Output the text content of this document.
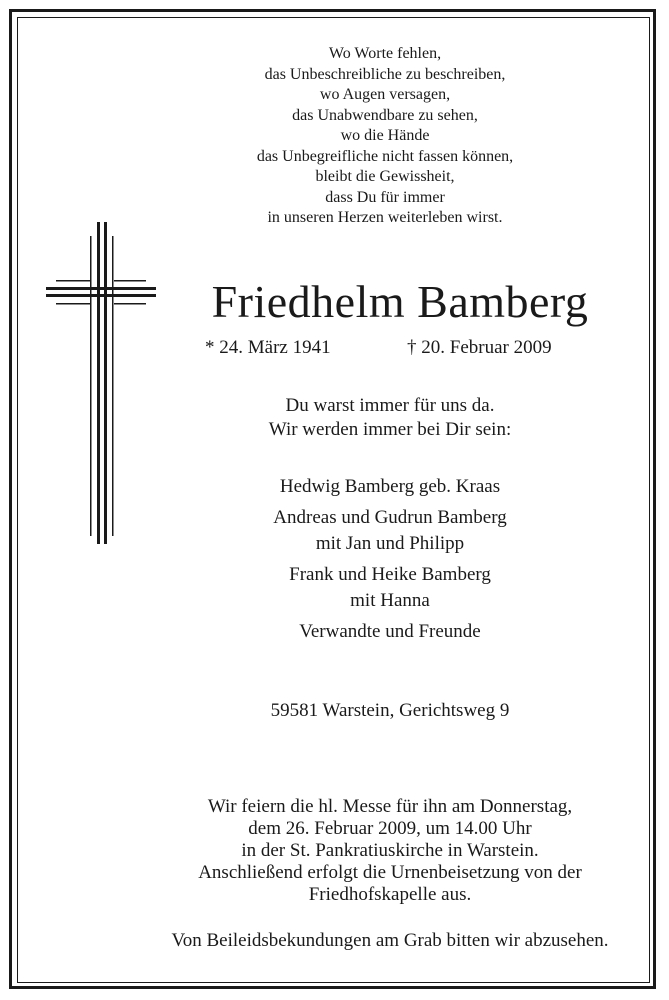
Wo Worte fehlen,
das Unbeschreibliche zu beschreiben,
wo Augen versagen,
das Unabwendbare zu sehen,
wo die Hände
das Unbegreifliche nicht fassen können,
bleibt die Gewissheit,
dass Du für immer
in unseren Herzen weiterleben wirst.
Friedhelm Bamberg
* 24. März 1941	† 20. Februar 2009
Du warst immer für uns da.
Wir werden immer bei Dir sein:
Hedwig Bamberg geb. Kraas
Andreas und Gudrun Bamberg
mit Jan und Philipp
Frank und Heike Bamberg
mit Hanna
Verwandte und Freunde
59581 Warstein, Gerichtsweg 9
Wir feiern die hl. Messe für ihn am Donnerstag,
dem 26. Februar 2009, um 14.00 Uhr
in der St. Pankratiuskirche in Warstein.
Anschließend erfolgt die Urnenbeisetzung von der
Friedhofskapelle aus.
Von Beileidsbekundungen am Grab bitten wir abzusehen.
